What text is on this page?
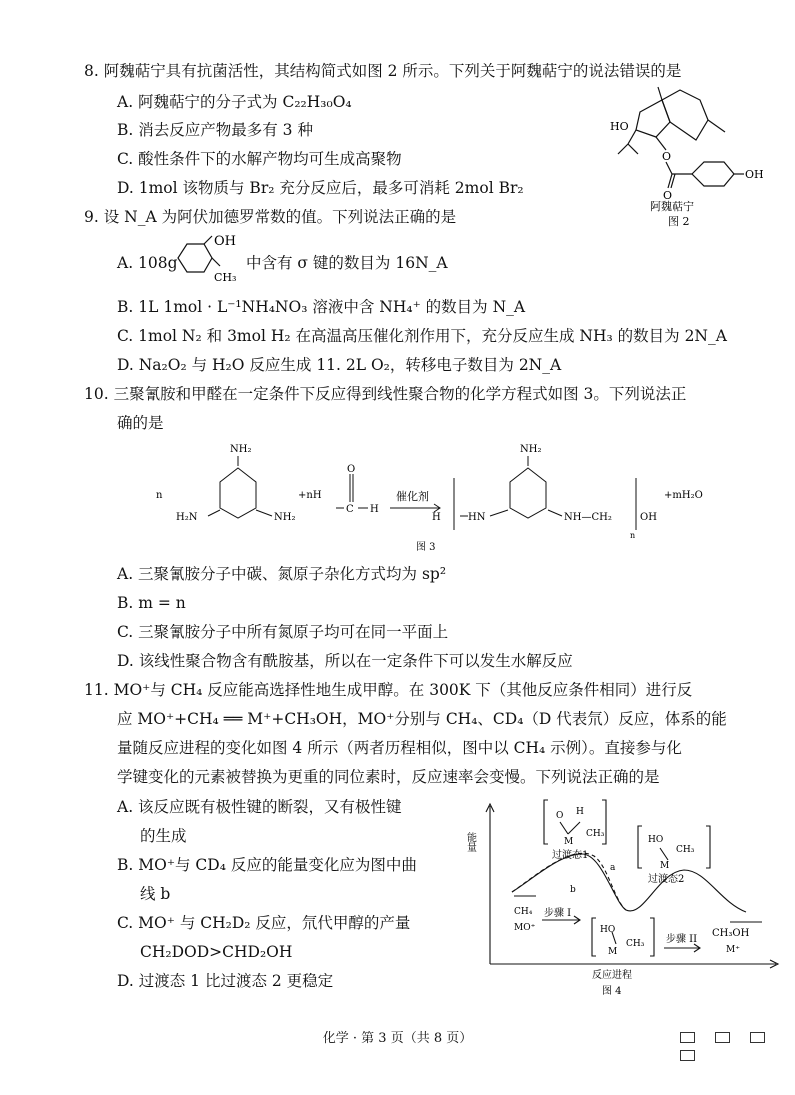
8. 阿魏萜宁具有抗菌活性，其结构简式如图 2 所示。下列关于阿魏萜宁的说法错误的是
A. 阿魏萜宁的分子式为 C₂₂H₃₀O₄
B. 消去反应产物最多有 3 种
C. 酸性条件下的水解产物均可生成高聚物
D. 1mol 该物质与 Br₂ 充分反应后，最多可消耗 2mol Br₂
HO
O
O
OH
阿魏萜宁
图 2
9. 设 N_A 为阿伏加德罗常数的值。下列说法正确的是
A. 108g
OH
CH₃
中含有 σ 键的数目为 16N_A
B. 1L 1mol · L⁻¹NH₄NO₃ 溶液中含 NH₄⁺ 的数目为 N_A
C. 1mol N₂ 和 3mol H₂ 在高温高压催化剂作用下，充分反应生成 NH₃ 的数目为 2N_A
D. Na₂O₂ 与 H₂O 反应生成 11. 2L O₂，转移电子数目为 2N_A
10. 三聚氰胺和甲醛在一定条件下反应得到线性聚合物的化学方程式如图 3。下列说法正
确的是
n
NH₂
H₂N	NH₂
+nH
O
C H
催化剂
H	HN
NH₂
NH—CH₂	OH
n
+mH₂O
图 3
A. 三聚氰胺分子中碳、氮原子杂化方式均为 sp²
B. m = n
C. 三聚氰胺分子中所有氮原子均可在同一平面上
D. 该线性聚合物含有酰胺基，所以在一定条件下可以发生水解反应
11. MO⁺与 CH₄ 反应能高选择性地生成甲醇。在 300K 下（其他反应条件相同）进行反
应 MO⁺+CH₄ ══ M⁺+CH₃OH，MO⁺分别与 CH₄、CD₄（D 代表氘）反应，体系的能
量随反应进程的变化如图 4 所示（两者历程相似，图中以 CH₄ 示例）。直接参与化
学键变化的元素被替换为更重的同位素时，反应速率会变慢。下列说法正确的是
A. 该反应既有极性键的断裂，又有极性键
的生成
B. MO⁺与 CD₄ 反应的能量变化应为图中曲
线 b
C. MO⁺ 与 CH₂D₂ 反应，氘代甲醇的产量
CH₂DOD>CHD₂OH
D. 过渡态 1 比过渡态 2 更稳定
能量
O H
CH₃
M
过渡态1
HO
CH₃
M
过渡态2
a
b
CH₄
MO⁺
步骤 I
HO
CH₃
M
步骤 II
CH₃OH
M⁺
反应进程
图 4
化学 · 第 3 页（共 8 页）
